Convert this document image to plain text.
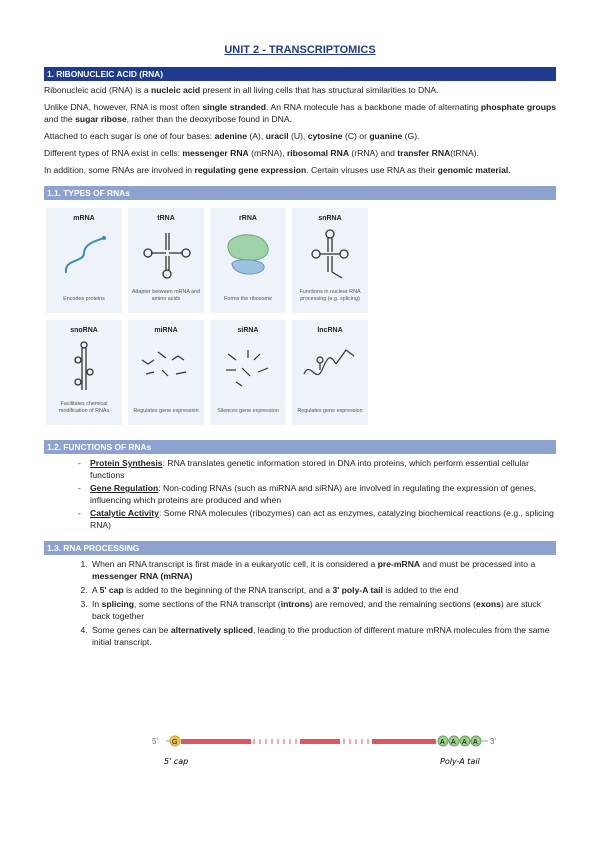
UNIT 2 - TRANSCRIPTOMICS
1. RIBONUCLEIC ACID (RNA)

Ribonucleic acid (RNA) is a nucleic acid present in all living cells that has structural similarities to DNA.

Unlike DNA, however, RNA is most often single stranded. An RNA molecule has a backbone made of alternating phosphate groups and the sugar ribose, rather than the deoxyribose found in DNA.

Attached to each sugar is one of four bases: adenine (A), uracil (U), cytosine (C) or guanine (G).

Different types of RNA exist in cells: messenger RNA (mRNA), ribosomal RNA (rRNA) and transfer RNA(tRNA).

In addition, some RNAs are involved in regulating gene expression. Certain viruses use RNA as their genomic material.

1.1. TYPES OF RNAs
mRNA
Encodes proteins
tRNA
Adapter between mRNA and amino acids
rRNA
Forms the ribosome
snRNA
Functions in nuclear RNA processing (e.g. splicing)
snoRNA
Facilitates chemical modification of RNAs
miRNA
Regulates gene expression
siRNA
Silences gene expression
lncRNA
Regulates gene expression
1.2. FUNCTIONS OF RNAs
- Protein Synthesis: RNA translates genetic information stored in DNA into proteins, which perform essential cellular functions
- Gene Regulation: Non-coding RNAs (such as miRNA and siRNA) are involved in regulating the expression of genes, influencing which proteins are produced and when
- Catalytic Activity: Some RNA molecules (ribozymes) can act as enzymes, catalyzing biochemical reactions (e.g., splicing RNA)
1.3. RNA PROCESSING
1. When an RNA transcript is first made in a eukaryotic cell, it is considered a pre-mRNA and must be processed into a messenger RNA (mRNA)
2. A 5' cap is added to the beginning of the RNA transcript, and a 3' poly-A tail is added to the end
3. In splicing, some sections of the RNA transcript (introns) are removed, and the remaining sections (exons) are stuck back together
4. Some genes can be alternatively spliced, leading to the production of different mature mRNA molecules from the same initial transcript.
5' G	A A A A 3'
5' cap	Poly-A tail
